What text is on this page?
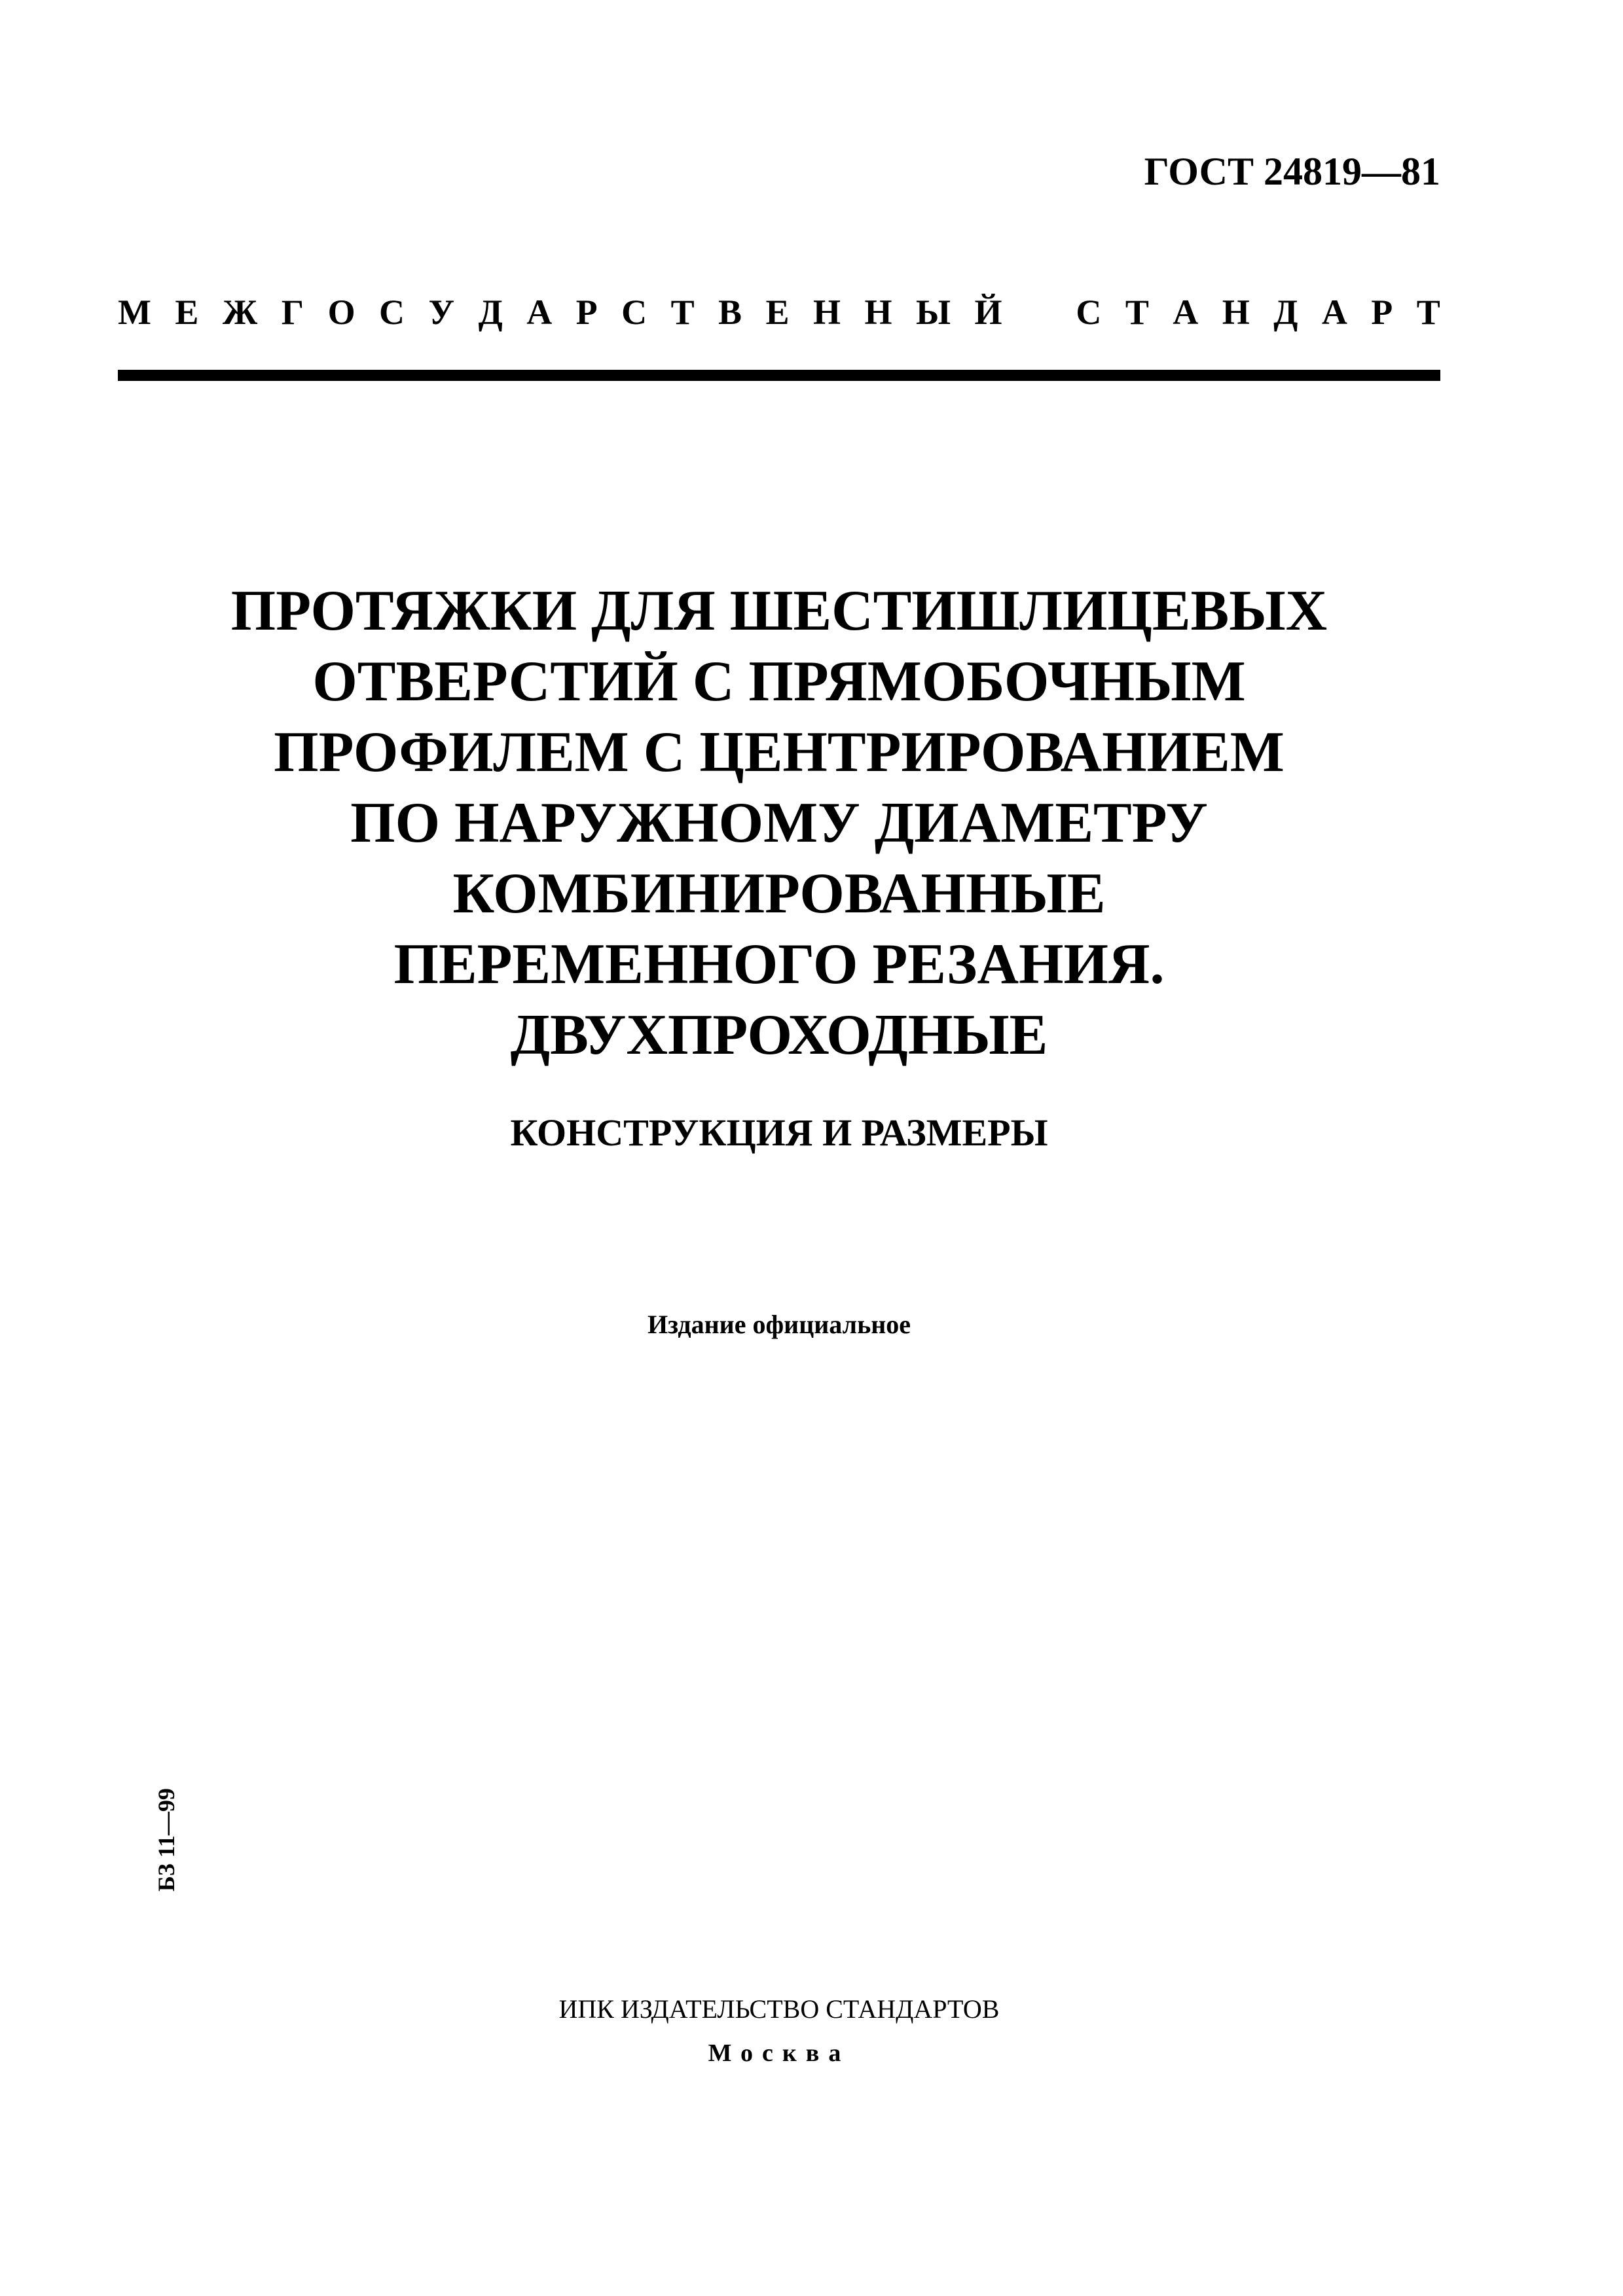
ГОСТ 24819—81
М Е Ж Г О С У Д А Р С Т В Е Н Н Ы Й С Т А Н Д А Р Т
ПРОТЯЖКИ ДЛЯ ШЕСТИШЛИЦЕВЫХ
ОТВЕРСТИЙ С ПРЯМОБОЧНЫМ
ПРОФИЛЕМ С ЦЕНТРИРОВАНИЕМ
ПО НАРУЖНОМУ ДИАМЕТРУ
КОМБИНИРОВАННЫЕ
ПЕРЕМЕННОГО РЕЗАНИЯ.
ДВУХПРОХОДНЫЕ
КОНСТРУКЦИЯ И РАЗМЕРЫ
Издание официальное
БЗ 11—99
ИПК ИЗДАТЕЛЬСТВО СТАНДАРТОВ
Москва
